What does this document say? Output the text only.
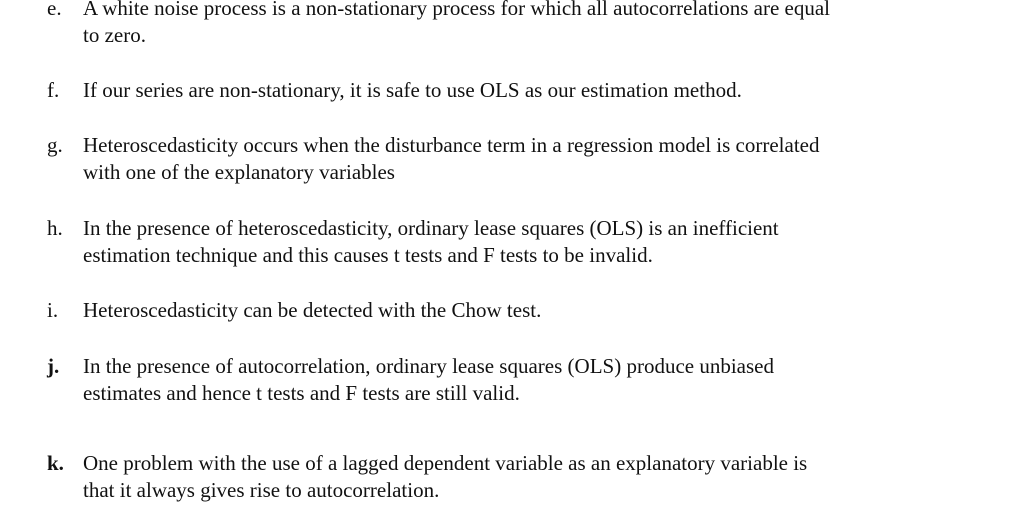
e. A white noise process is a non-stationary process for which all autocorrelations are equal
to zero.
f. If our series are non-stationary, it is safe to use OLS as our estimation method.
g. Heteroscedasticity occurs when the disturbance term in a regression model is correlated
with one of the explanatory variables
h. In the presence of heteroscedasticity, ordinary lease squares (OLS) is an inefficient
estimation technique and this causes t tests and F tests to be invalid.
i. Heteroscedasticity can be detected with the Chow test.
j. In the presence of autocorrelation, ordinary lease squares (OLS) produce unbiased
estimates and hence t tests and F tests are still valid.
k. One problem with the use of a lagged dependent variable as an explanatory variable is
that it always gives rise to autocorrelation.
